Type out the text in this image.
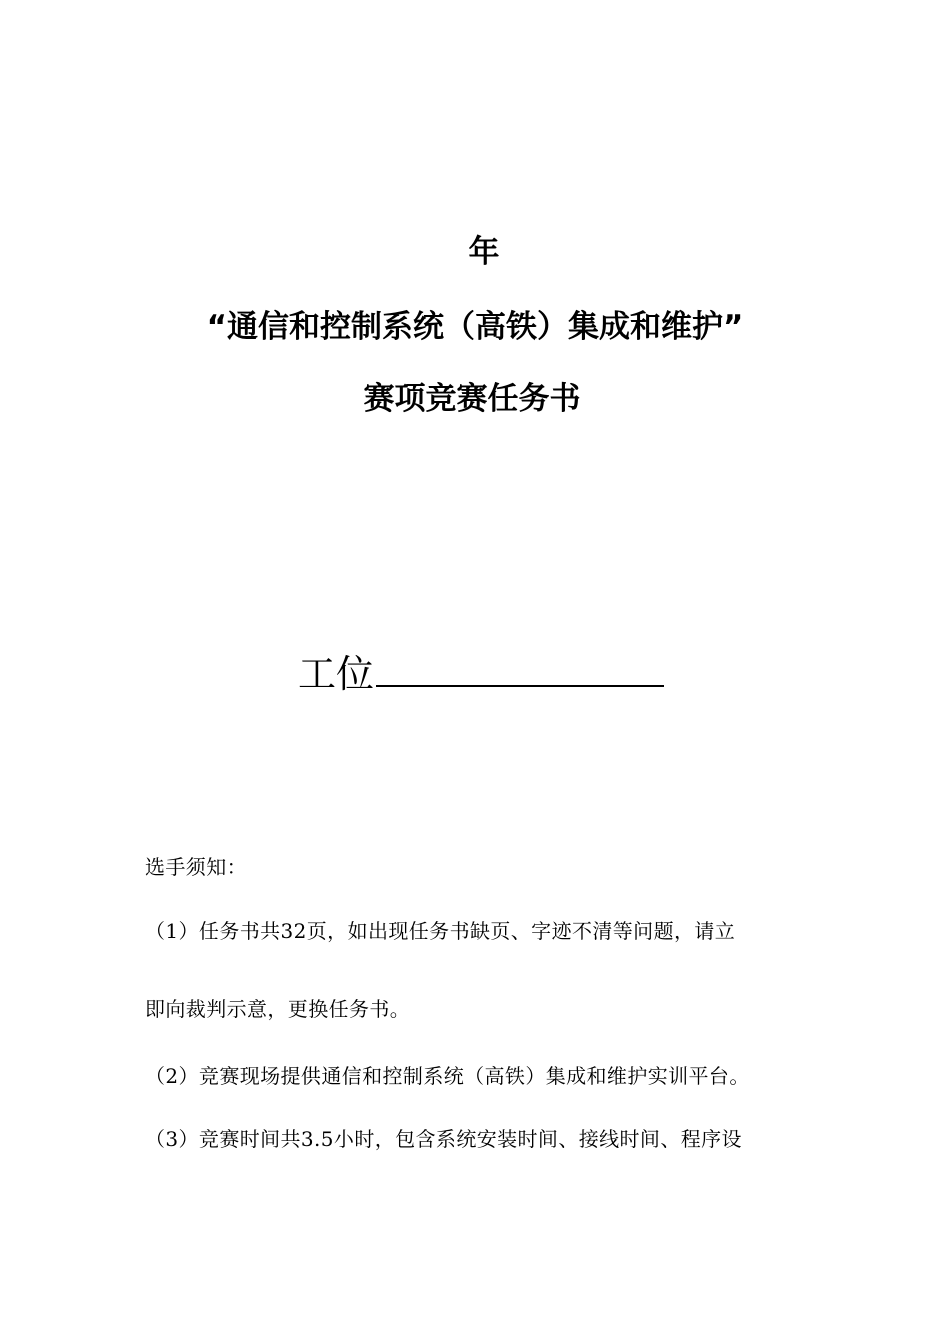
年
“通信和控制系统（高铁）集成和维护”
赛项竞赛任务书
工位
选手须知：
（1）任务书共32页，如出现任务书缺页、字迹不清等问题，请立
即向裁判示意，更换任务书。
（2）竞赛现场提供通信和控制系统（高铁）集成和维护实训平台。
（3）竞赛时间共3.5小时，包含系统安装时间、接线时间、程序设
